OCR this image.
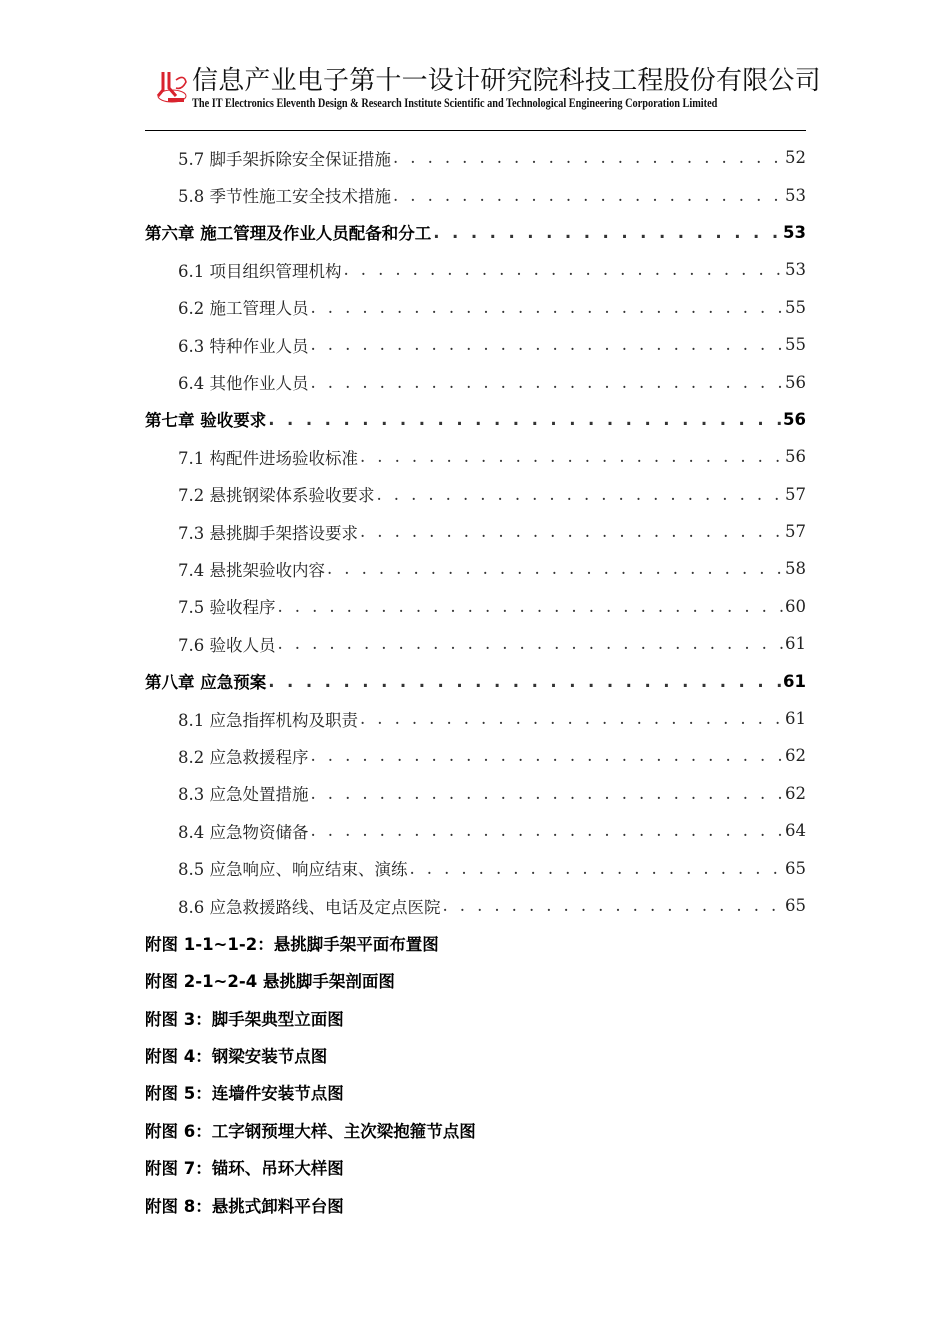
信息产业电子第十一设计研究院科技工程股份有限公司
The IT Electronics Eleventh Design & Research Institute Scientific and Technological Engineering Corporation Limited
5.7 脚手架拆除安全保证措施 . . .	52
5.8 季节性施工安全技术措施 . . .	53
第六章 施工管理及作业人员配备和分工 . . .	53
6.1 项目组织管理机构 . . .	53
6.2 施工管理人员 . . .	55
6.3 特种作业人员 . . .	55
6.4 其他作业人员 . . .	56
第七章 验收要求 . . .	56
7.1 构配件进场验收标准 . . .	56
7.2 悬挑钢梁体系验收要求 . . .	57
7.3 悬挑脚手架搭设要求 . . .	57
7.4 悬挑架验收内容 . . .	58
7.5 验收程序 . . .	60
7.6 验收人员 . . .	61
第八章 应急预案 . . .	61
8.1 应急指挥机构及职责 . . .	61
8.2 应急救援程序 . . .	62
8.3 应急处置措施 . . .	62
8.4 应急物资储备 . . .	64
8.5 应急响应、响应结束、演练 . . .	65
8.6 应急救援路线、电话及定点医院 . . .	65
附图 1-1~1-2：悬挑脚手架平面布置图
附图 2-1~2-4 悬挑脚手架剖面图
附图 3：脚手架典型立面图
附图 4：钢梁安装节点图
附图 5：连墙件安装节点图
附图 6：工字钢预埋大样、主次梁抱箍节点图
附图 7：锚环、吊环大样图
附图 8：悬挑式卸料平台图
